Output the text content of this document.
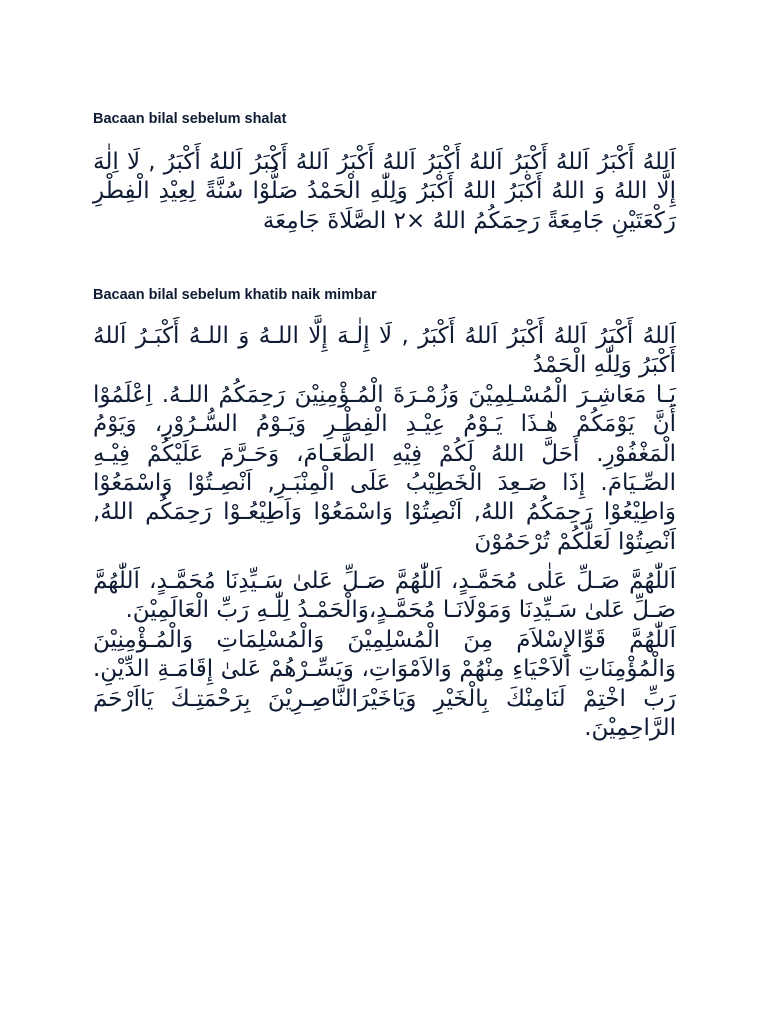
Bacaan bilal sebelum shalat

اَللهُ أَكْبَرُ اَللهُ أَكْبَرُ اَللهُ أَكْبَرُ اَللهُ أَكْبَرُ اَللهُ أَكْبَرُ اَللهُ أَكْبَرُ , لَا اِلٰهَ إِلَّا اللهُ وَ اللهُ أَكْبَرُ اللهُ أَكْبَرُ وَلِلّٰهِ الْحَمْدُ صَلُّوْا سُنَّةً لِعِيْدِ الْفِطْرِ رَكْعَتَيْنِ جَامِعَةً رَحِمَكُمُ اللهُ ×٢ الصَّلَاةَ جَامِعَة

Bacaan bilal sebelum khatib naik mimbar

اَللهُ أَكْبَرُ اَللهُ أَكْبَرُ اَللهُ أَكْبَرُ , لَا إِلٰـهَ إِلَّا اللـهُ وَ اللـهُ أَكْبَـرُ اَللهُ أَكْبَرُ وَلِلّٰهِ الْحَمْدُ

يَـا مَعَاشِـرَ الْمُسْـلِمِيْنَ وَزُمْـرَةَ الْمُـؤْمِنِيْنَ رَحِمَكُمُ اللـهُ. اِعْلَمُوْا أَنَّ يَوْمَكُمْ هٰـذَا يَـوْمُ عِيْـدِ الْفِطْـرِ وَيَـوْمُ السُّـرُوْرِ، وَيَوْمُ الْمَغْفُوْرِ. أَحَلَّ اللهُ لَكُمْ فِيْهِ الطَّعَـامَ، وَحَـرَّمَ عَلَيْكُمْ فِيْـهِ الصِّـيَامَ. إِذَا صَـعِدَ الْخَطِيْبُ عَلَى الْمِنْبَـرِ, اَنْصِـتُوْا وَاسْمَعُوْا وَاطِيْعُوْا رَحِمَكُمُ اللهُ, اَنْصِتُوْا وَاسْمَعُوْا وَاَطِيْعُـوْا رَحِمَكُم اللهُ, اَنْصِتُوْا لَعَلَّكُمْ تُرْحَمُوْنَ

اَللّٰهُمَّ صَـلِّ عَلٰى مُحَمَّـدٍ، اَللّٰهُمَّ صَـلِّ عَلىٰ سَـيِّدِنَا مُحَمَّـدٍ، اَللّٰهُمَّ صَـلِّ عَلىٰ سَـيِّدِنَا وَمَوْلَانَـا مُحَمَّـدٍ،وَالْحَمْـدُ لِلّٰـهِ رَبِّ الْعَالَمِيْنَ.

اَللّٰهُمَّ قَوِّالإِسْلاَمَ مِنَ الْمُسْلِمِيْنَ وَالْمُسْلِمَاتِ وَالْمُـؤْمِنِيْنَ وَالْمُؤْمِنَاتِ اَلاَحْيَاءِ مِنْهُمْ وَالاَمْوَاتِ، وَيَسِّـرْهُمْ عَلىٰ إِقَامَـةِ الدِّيْنِ. رَبِّ اخْتِمْ لَنَامِنْكَ بِالْخَيْرِ وَيَاخَيْرَالنَّاصِـرِيْنَ بِرَحْمَتِـكَ يَااَرْحَمَ الرَّاحِمِيْنَ.
